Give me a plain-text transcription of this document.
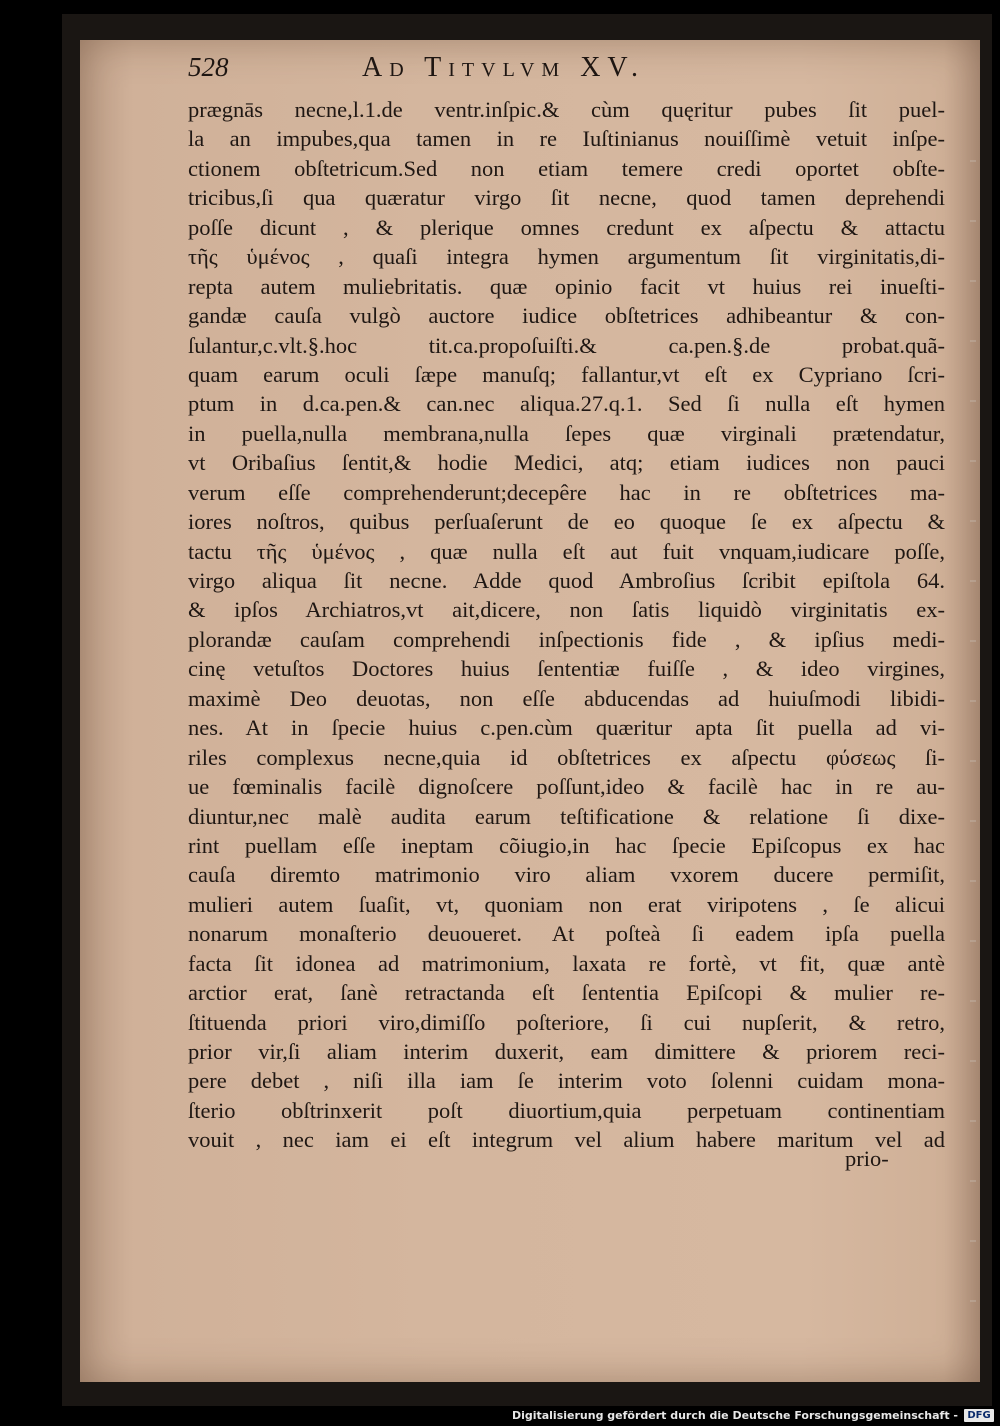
528	Ad Titvlvm XV.
prægnās necne,l.1.de ventr.inſpic.& cùm quęritur pubes ſit puel-
la an impubes,qua tamen in re Iuſtinianus nouiſſimè vetuit inſpe-
ctionem obſtetricum.Sed non etiam temere credi oportet obſte-
tricibus,ſi qua quæratur virgo ſit necne, quod tamen deprehendi
poſſe dicunt , & plerique omnes credunt ex aſpectu & attactu
τῆς ὑμένος , quaſi integra hymen argumentum ſit virginitatis,di-
repta autem muliebritatis. quæ opinio facit vt huius rei inueſti-
gandæ cauſa vulgò auctore iudice obſtetrices adhibeantur & con-
ſulantur,c.vlt.§.hoc tit.ca.propoſuiſti.& ca.pen.§.de probat.quã-
quam earum oculi ſæpe manuſq; fallantur,vt eſt ex Cypriano ſcri-
ptum in d.ca.pen.& can.nec aliqua.27.q.1. Sed ſi nulla eſt hymen
in puella,nulla membrana,nulla ſepes quæ virginali prætendatur,
vt Oribaſius ſentit,& hodie Medici, atq; etiam iudices non pauci
verum eſſe comprehenderunt;decepêre hac in re obſtetrices ma-
iores noſtros, quibus perſuaſerunt de eo quoque ſe ex aſpectu &
tactu τῆς ὑμένος , quæ nulla eſt aut fuit vnquam,iudicare poſſe,
virgo aliqua ſit necne. Adde quod Ambroſius ſcribit epiſtola 64.
& ipſos Archiatros,vt ait,dicere, non ſatis liquidò virginitatis ex-
plorandæ cauſam comprehendi inſpectionis fide , & ipſius medi-
cinę vetuſtos Doctores huius ſententiæ fuiſſe , & ideo virgines,
maximè Deo deuotas, non eſſe abducendas ad huiuſmodi libidi-
nes. At in ſpecie huius c.pen.cùm quæritur apta ſit puella ad vi-
riles complexus necne,quia id obſtetrices ex aſpectu φύσεως ſi-
ue fœminalis facilè dignoſcere poſſunt,ideo & facilè hac in re au-
diuntur,nec malè audita earum teſtificatione & relatione ſi dixe-
rint puellam eſſe ineptam cõiugio,in hac ſpecie Epiſcopus ex hac
cauſa diremto matrimonio viro aliam vxorem ducere permiſit,
mulieri autem ſuaſit, vt, quoniam non erat viripotens , ſe alicui
nonarum monaſterio deuoueret. At poſteà ſi eadem ipſa puella
facta ſit idonea ad matrimonium, laxata re fortè, vt fit, quæ antè
arctior erat, ſanè retractanda eſt ſententia Epiſcopi & mulier re-
ſtituenda priori viro,dimiſſo poſteriore, ſi cui nupſerit, & retro,
prior vir,ſi aliam interim duxerit, eam dimittere & priorem reci-
pere debet , niſi illa iam ſe interim voto ſolenni cuidam mona-
ſterio obſtrinxerit poſt diuortium,quia perpetuam continentiam
vouit , nec iam ei eſt integrum vel alium habere maritum vel ad
prio-
Digitalisierung gefördert durch die Deutsche Forschungsgemeinschaft - DFG
